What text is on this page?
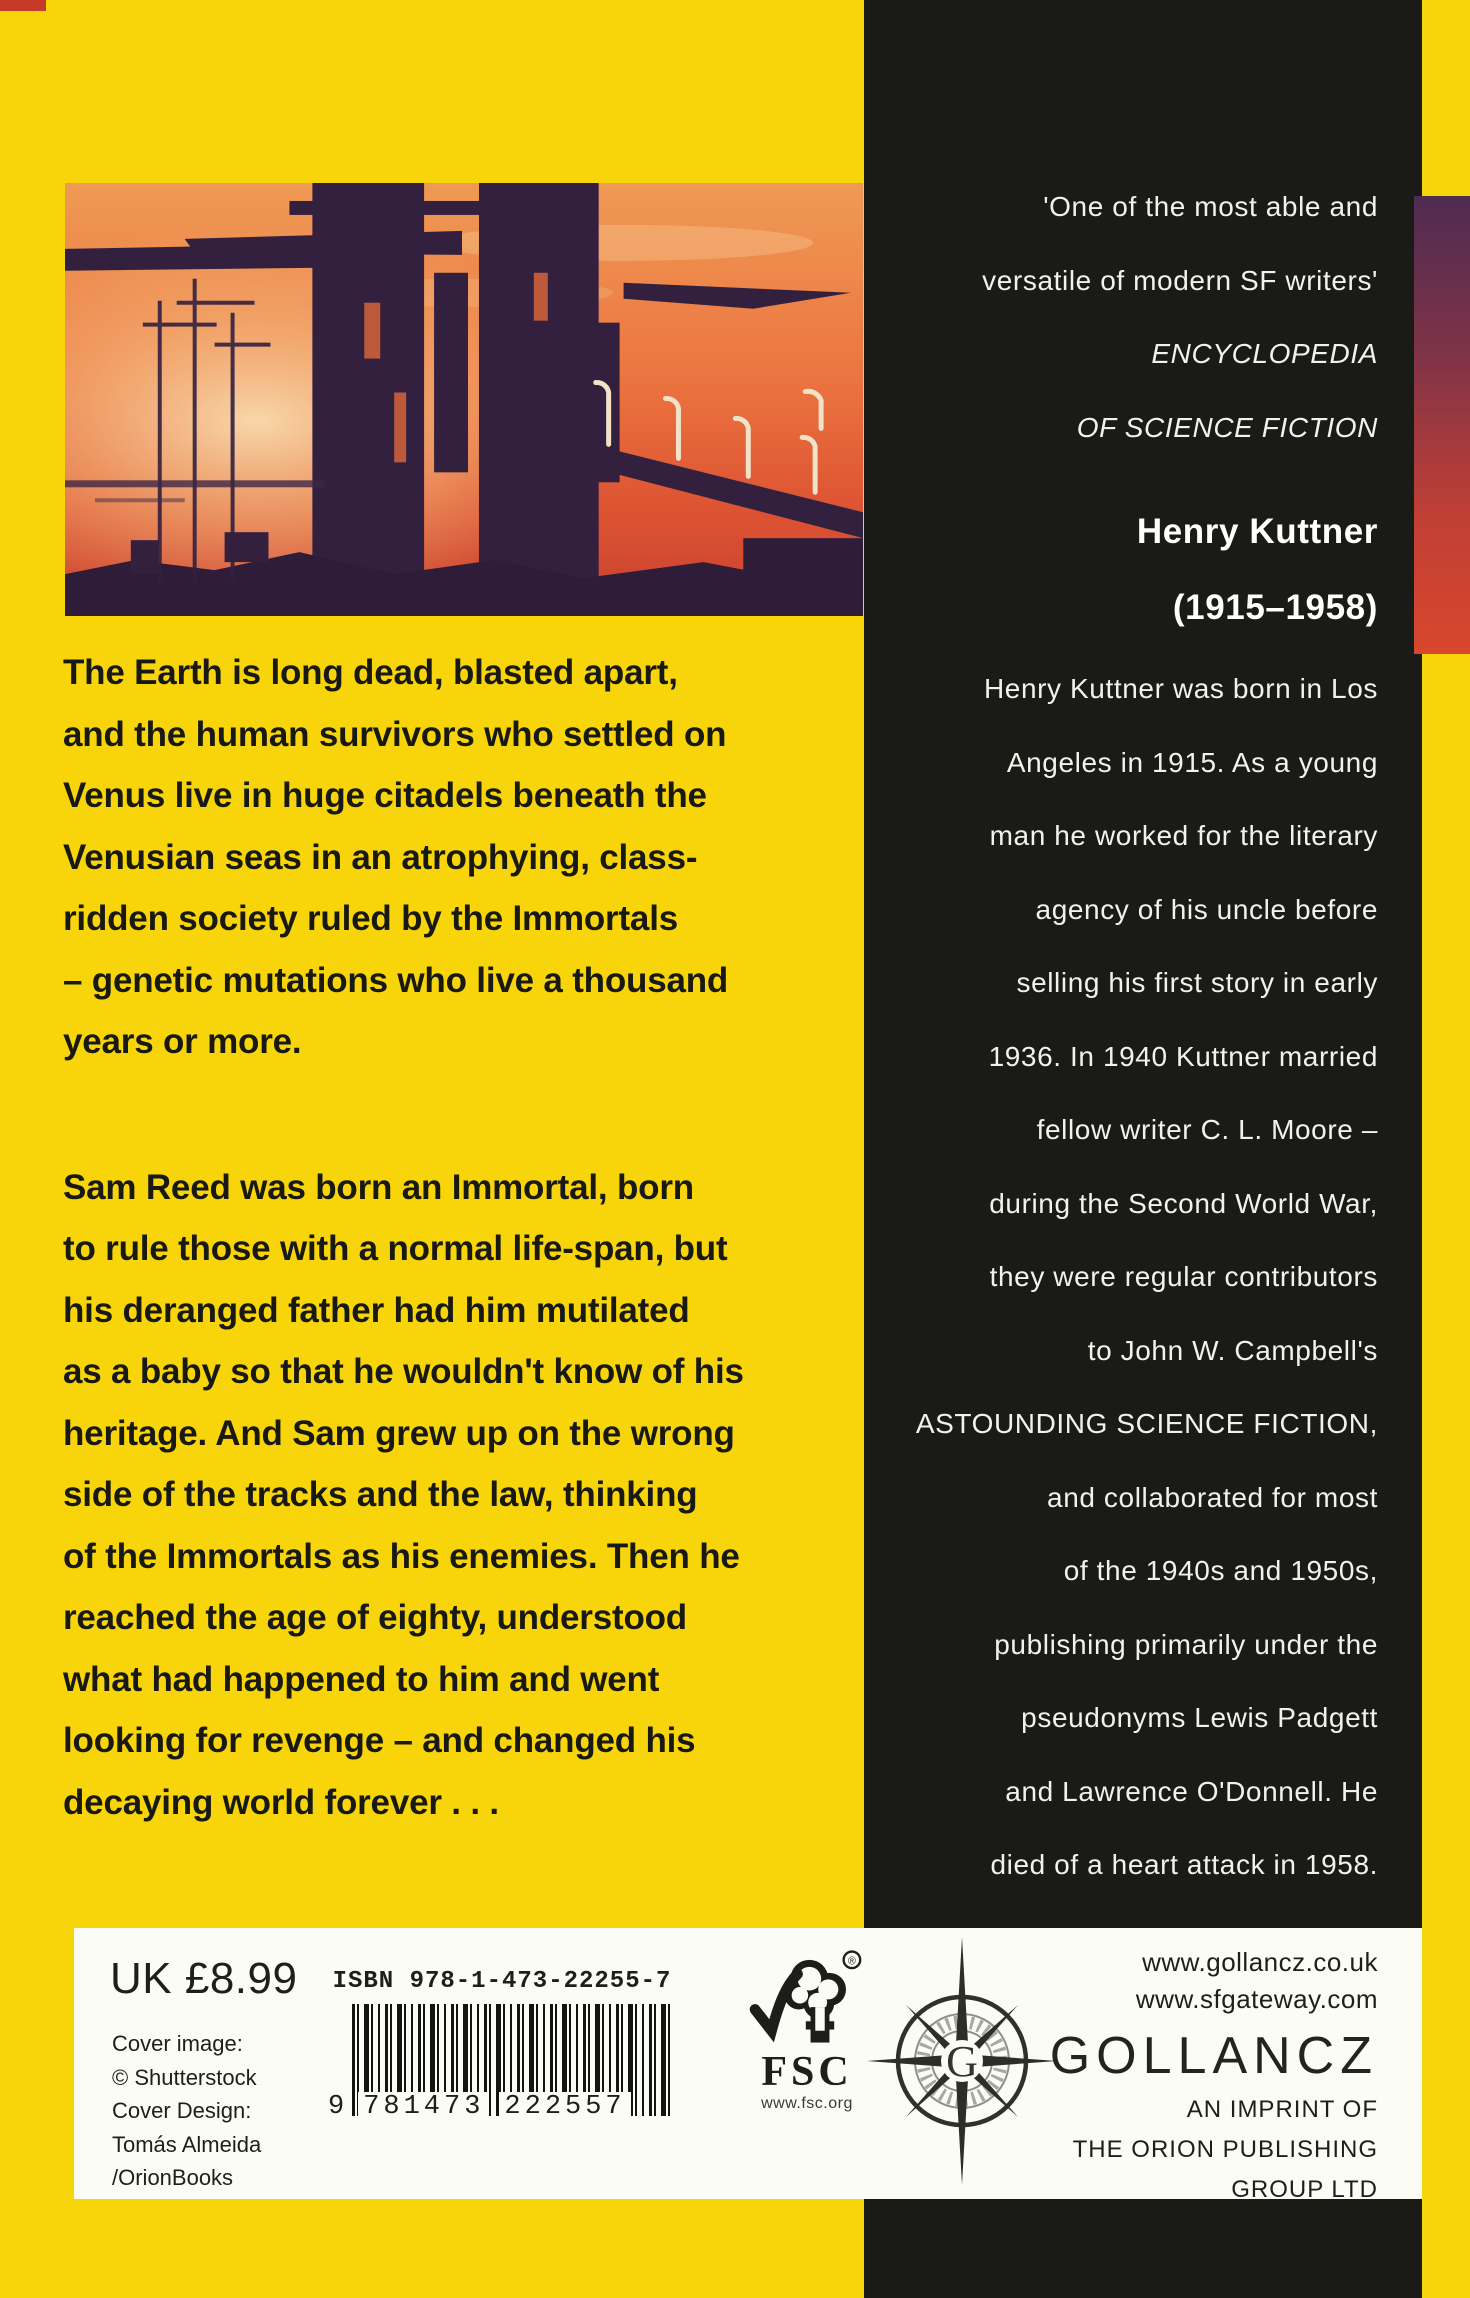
The Earth is long dead, blasted apart,
and the human survivors who settled on
Venus live in huge citadels beneath the
Venusian seas in an atrophying, class-
ridden society ruled by the Immortals
– genetic mutations who live a thousand
years or more.
Sam Reed was born an Immortal, born
to rule those with a normal life-span, but
his deranged father had him mutilated
as a baby so that he wouldn't know of his
heritage. And Sam grew up on the wrong
side of the tracks and the law, thinking
of the Immortals as his enemies. Then he
reached the age of eighty, understood
what had happened to him and went
looking for revenge – and changed his
decaying world forever . . .
'One of the most able and
versatile of modern SF writers'
ENCYCLOPEDIA
OF SCIENCE FICTION
Henry Kuttner
(1915–1958)
Henry Kuttner was born in Los
Angeles in 1915. As a young
man he worked for the literary
agency of his uncle before
selling his first story in early
1936. In 1940 Kuttner married
fellow writer C. L. Moore –
during the Second World War,
they were regular contributors
to John W. Campbell's
ASTOUNDING SCIENCE FICTION,
and collaborated for most
of the 1940s and 1950s,
publishing primarily under the
pseudonyms Lewis Padgett
and Lawrence O'Donnell. He
died of a heart attack in 1958.
UK £8.99
Cover image:
© Shutterstock
Cover Design:
Tomás Almeida
/OrionBooks
ISBN 978-1-473-22255-7
9 781473 222557
®
FSC
www.fsc.org
G
www.gollancz.co.uk
www.sfgateway.com
GOLLANCZ
AN IMPRINT OF
THE ORION PUBLISHING
GROUP LTD
